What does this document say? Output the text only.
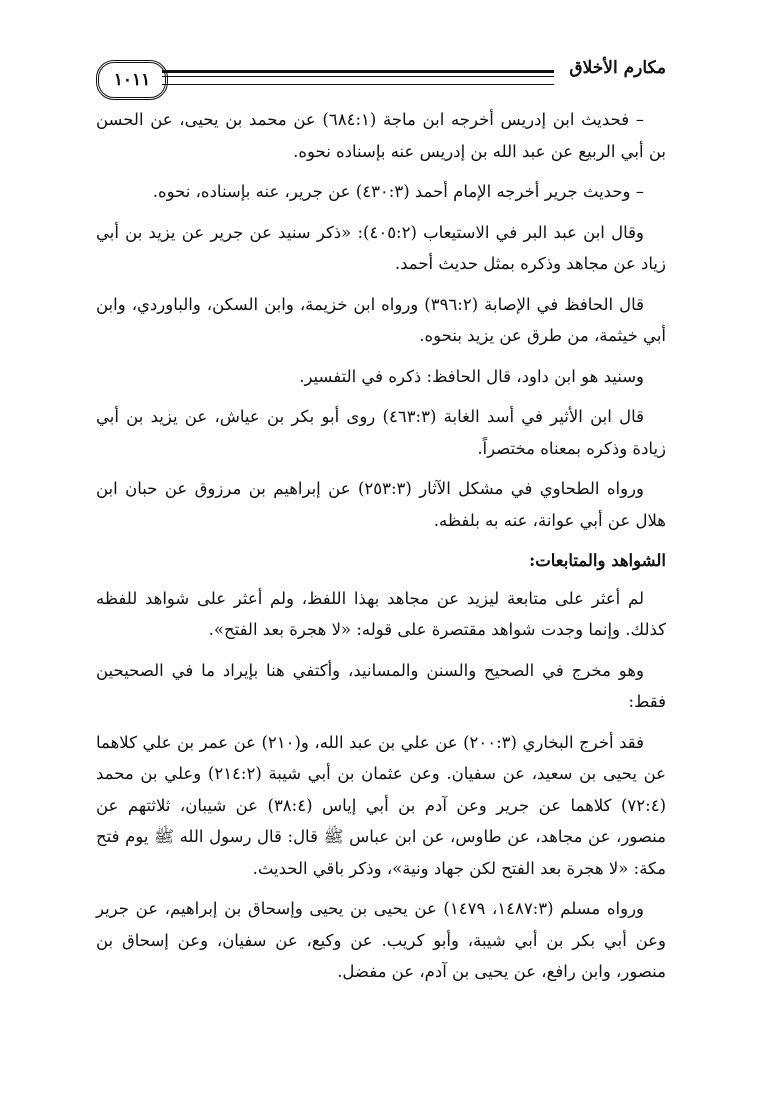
١٠١١
مكارم الأخلاق

– فحديث ابن إدريس أخرجه ابن ماجة (٦٨٤:١) عن محمد بن يحيى، عن الحسن بن أبي الربيع عن عبد الله بن إدريس عنه بإسناده نحوه.

– وحديث جرير أخرجه الإمام أحمد (٤٣٠:٣) عن جرير، عنه بإسناده، نحوه.

وقال ابن عبد البر في الاستيعاب (٤٠٥:٢): «ذكر سنيد عن جرير عن يزيد بن أبي زياد عن مجاهد وذكره بمثل حديث أحمد.

قال الحافظ في الإصابة (٣٩٦:٢) ورواه ابن خزيمة، وابن السكن، والباوردي، وابن أبي خيثمة، من طرق عن يزيد بنحوه.

وسنيد هو ابن داود، قال الحافظ: ذكره في التفسير.

قال ابن الأثير في أسد الغابة (٤٦٣:٣) روى أبو بكر بن عياش، عن يزيد بن أبي زيادة وذكره بمعناه مختصراً.

ورواه الطحاوي في مشكل الآثار (٢٥٣:٣) عن إبراهيم بن مرزوق عن حبان ابن هلال عن أبي عوانة، عنه به بلفظه.

الشواهد والمتابعات:

لم أعثر على متابعة ليزيد عن مجاهد بهذا اللفظ، ولم أعثر على شواهد للفظه كذلك. وإنما وجدت شواهد مقتصرة على قوله: «لا هجرة بعد الفتح».

وهو مخرج في الصحيح والسنن والمسانيد، وأكتفي هنا بإيراد ما في الصحيحين فقط:

فقد أخرج البخاري (٢٠٠:٣) عن علي بن عبد الله، و(٢١٠) عن عمر بن علي كلاهما عن يحيى بن سعيد، عن سفيان. وعن عثمان بن أبي شيبة (٢١٤:٢) وعلي بن محمد (٧٢:٤) كلاهما عن جرير وعن آدم بن أبي إياس (٣٨:٤) عن شيبان، ثلاثتهم عن منصور، عن مجاهد، عن طاوس، عن ابن عباس ﷺ قال: قال رسول الله ﷺ يوم فتح مكة: «لا هجرة بعد الفتح لكن جهاد ونية»، وذكر باقي الحديث.

ورواه مسلم (١٤٨٧:٣، ١٤٧٩) عن يحيى بن يحيى وإسحاق بن إبراهيم، عن جرير وعن أبي بكر بن أبي شيبة، وأبو كريب. عن وكيع، عن سفيان، وعن إسحاق بن منصور، وابن رافع، عن يحيى بن آدم، عن مفضل.
